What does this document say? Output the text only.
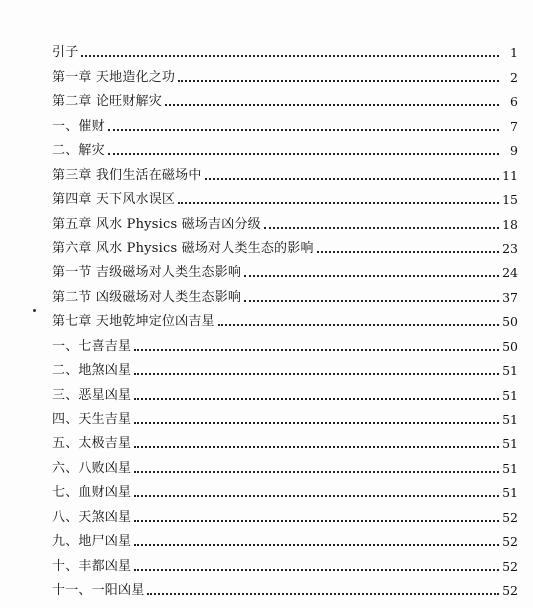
引子	1
第一章 天地造化之功	2
第二章 论旺财解灾	6
一、催财	7
二、解灾	9
第三章 我们生活在磁场中	11
第四章 天下风水误区	15
第五章 风水 Physics 磁场吉凶分级	18
第六章 风水 Physics 磁场对人类生态的影响	23
第一节 吉级磁场对人类生态影响	24
第二节 凶级磁场对人类生态影响	37
第七章 天地乾坤定位凶吉星	50
一、七喜吉星	50
二、地煞凶星	51
三、恶星凶星	51
四、天生吉星	51
五、太极吉星	51
六、八败凶星	51
七、血财凶星	51
八、天煞凶星	52
九、地尸凶星	52
十、丰都凶星	52
十一、一阳凶星	52
